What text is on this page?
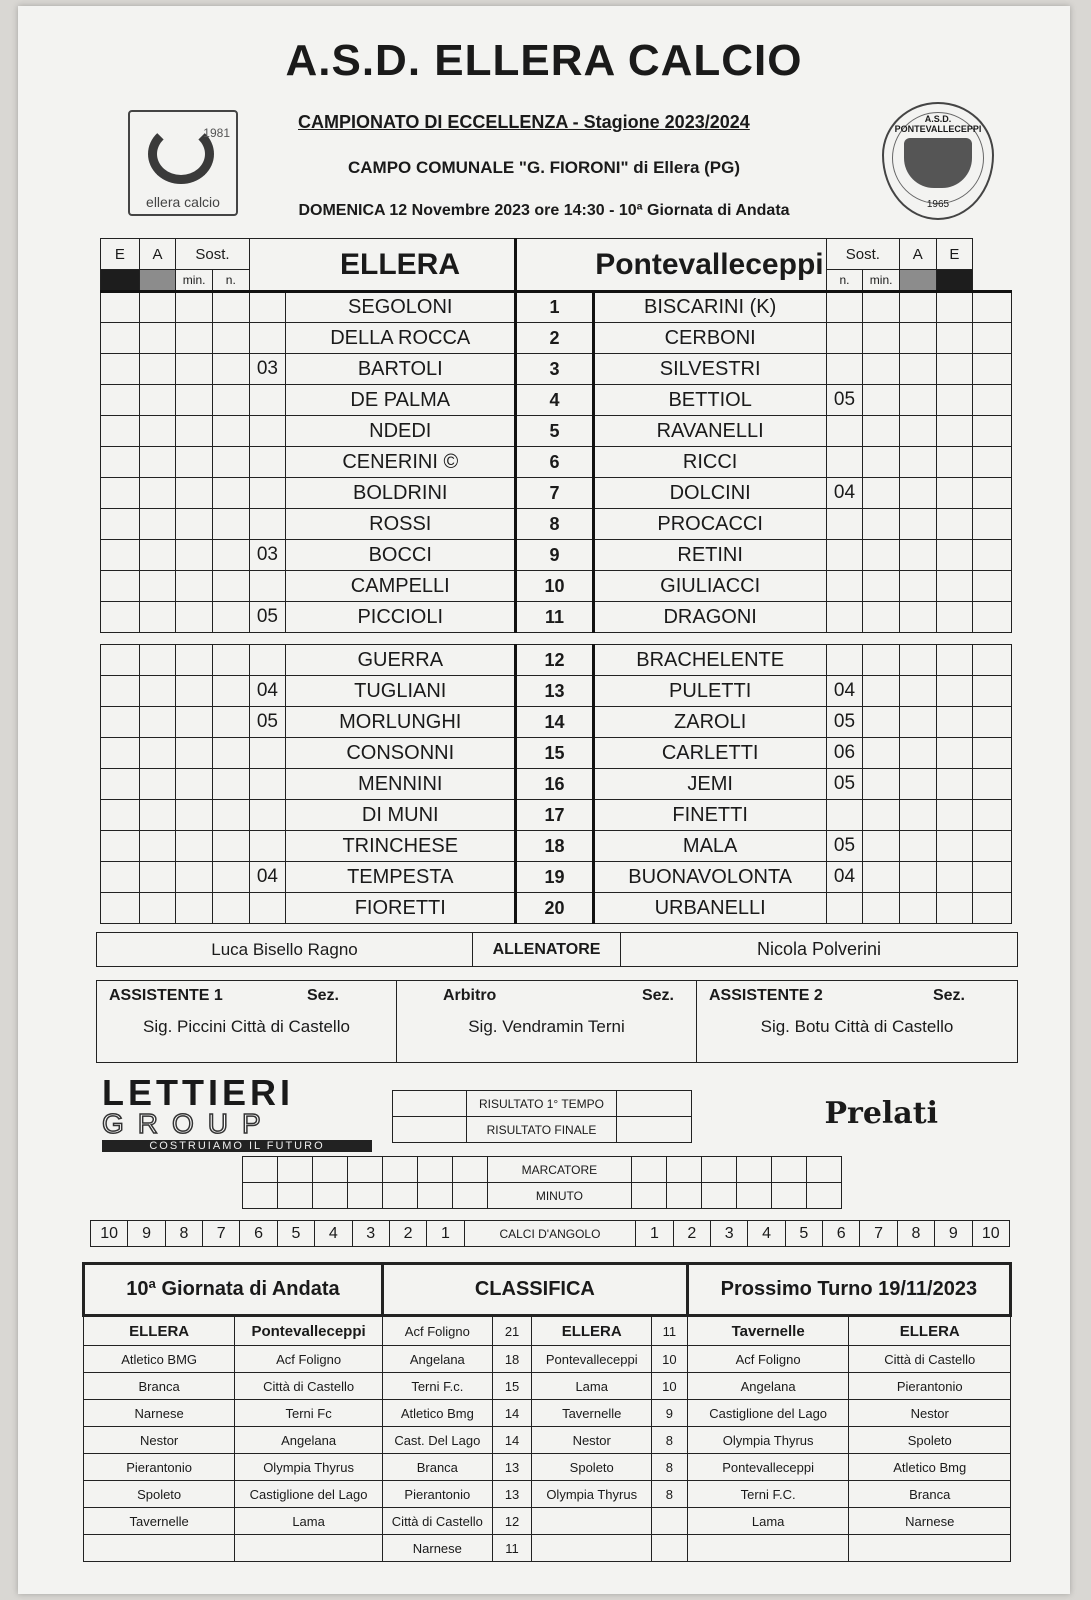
A.S.D. ELLERA CALCIO
CAMPIONATO DI ECCELLENZA - Stagione 2023/2024
CAMPO COMUNALE "G. FIORONI" di Ellera (PG)
DOMENICA 12 Novembre 2023 ore 14:30 - 10ª Giornata di Andata
1981
ellera calcio
A.S.D. PONTEVALLECEPPI
1965
E	A	Sost.			ELLERA		Pontevalleceppi	Sost.		A	E	
		min.	n.					n.	min.			
					SEGOLONI	1	BISCARINI (K)					
					DELLA ROCCA	2	CERBONI					
				03	BARTOLI	3	SILVESTRI					
					DE PALMA	4	BETTIOL	05				
					NDEDI	5	RAVANELLI					
					CENERINI ©	6	RICCI					
					BOLDRINI	7	DOLCINI	04				
					ROSSI	8	PROCACCI					
				03	BOCCI	9	RETINI					
					CAMPELLI	10	GIULIACCI					
				05	PICCIOLI	11	DRAGONI					

					GUERRA	12	BRACHELENTE					
				04	TUGLIANI	13	PULETTI	04				
				05	MORLUNGHI	14	ZAROLI	05				
					CONSONNI	15	CARLETTI	06				
					MENNINI	16	JEMI	05				
					DI MUNI	17	FINETTI					
					TRINCHESE	18	MALA	05				
				04	TEMPESTA	19	BUONAVOLONTA	04				
					FIORETTI	20	URBANELLI					
Luca Bisello Ragno	ALLENATORE	Nicola Polverini
ASSISTENTE 1	Sez.
Sig. Piccini Città di Castello

Arbitro	Sez.
Sig. Vendramin Terni

ASSISTENTE 2	Sez.
Sig. Botu Città di Castello
LETTIERI
GROUP
COSTRUIAMO IL FUTURO
Prelati
	RISULTATO 1° TEMPO	
	RISULTATO FINALE	
							MARCATORE						
							MINUTO						
10	9	8	7	6	5	4	3	2	1	CALCI D'ANGOLO	1	2	3	4	5	6	7	8	9	10
10ª Giornata di Andata		CLASSIFICA				Prossimo Turno 19/11/2023	
ELLERA	Pontevalleceppi	Acf Foligno	21	ELLERA	11	Tavernelle	ELLERA
Atletico BMG	Acf Foligno	Angelana	18	Pontevalleceppi	10	Acf Foligno	Città di Castello
Branca	Città di Castello	Terni F.c.	15	Lama	10	Angelana	Pierantonio
Narnese	Terni Fc	Atletico Bmg	14	Tavernelle	9	Castiglione del Lago	Nestor
Nestor	Angelana	Cast. Del Lago	14	Nestor	8	Olympia Thyrus	Spoleto
Pierantonio	Olympia Thyrus	Branca	13	Spoleto	8	Pontevalleceppi	Atletico Bmg
Spoleto	Castiglione del Lago	Pierantonio	13	Olympia Thyrus	8	Terni F.C.	Branca
Tavernelle	Lama	Città di Castello	12			Lama	Narnese
		Narnese	11				
